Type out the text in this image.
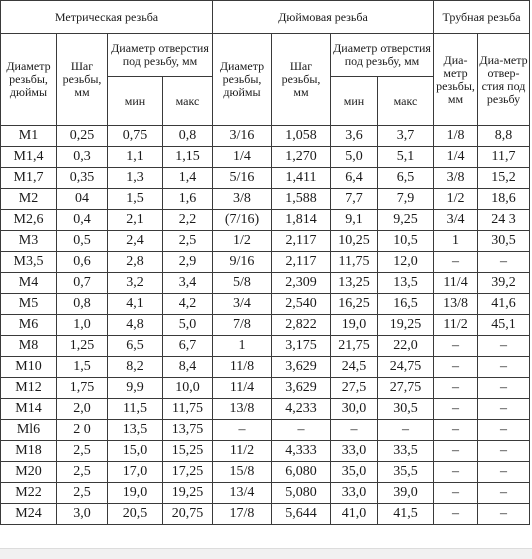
Метрическая резьба				Дюймовая резьба				Трубная резьба	
Диаметр резьбы, дюймы	Шаг резьбы, мм	Диаметр отверстия под резьбу, мм		Диаметр резьбы, дюймы	Шаг резьбы, мм	Диаметр отверстия под резьбу, мм		Диа-метр резьбы, мм	Диа-метр отвер-стия под резьбу
		мин	макс			мин	макс		
М1	0,25	0,75	0,8	3/16	1,058	3,6	3,7	1/8	8,8
М1,4	0,3	1,1	1,15	1/4	1,270	5,0	5,1	1/4	11,7
М1,7	0,35	1,3	1,4	5/16	1,411	6,4	6,5	3/8	15,2
М2	04	1,5	1,6	3/8	1,588	7,7	7,9	1/2	18,6
М2,6	0,4	2,1	2,2	(7/16)	1,814	9,1	9,25	3/4	24 3
М3	0,5	2,4	2,5	1/2	2,117	10,25	10,5	1	30,5
М3,5	0,6	2,8	2,9	9/16	2,117	11,75	12,0	–	–
М4	0,7	3,2	3,4	5/8	2,309	13,25	13,5	11/4	39,2
М5	0,8	4,1	4,2	3/4	2,540	16,25	16,5	13/8	41,6
М6	1,0	4,8	5,0	7/8	2,822	19,0	19,25	11/2	45,1
М8	1,25	6,5	6,7	1	3,175	21,75	22,0	–	–
М10	1,5	8,2	8,4	11/8	3,629	24,5	24,75	–	–
М12	1,75	9,9	10,0	11/4	3,629	27,5	27,75	–	–
М14	2,0	11,5	11,75	13/8	4,233	30,0	30,5	–	–
Мl6	2 0	13,5	13,75	–	–	–	–	–	–
М18	2,5	15,0	15,25	11/2	4,333	33,0	33,5	–	–
М20	2,5	17,0	17,25	15/8	6,080	35,0	35,5	–	–
М22	2,5	19,0	19,25	13/4	5,080	33,0	39,0	–	–
М24	3,0	20,5	20,75	17/8	5,644	41,0	41,5	–	–
